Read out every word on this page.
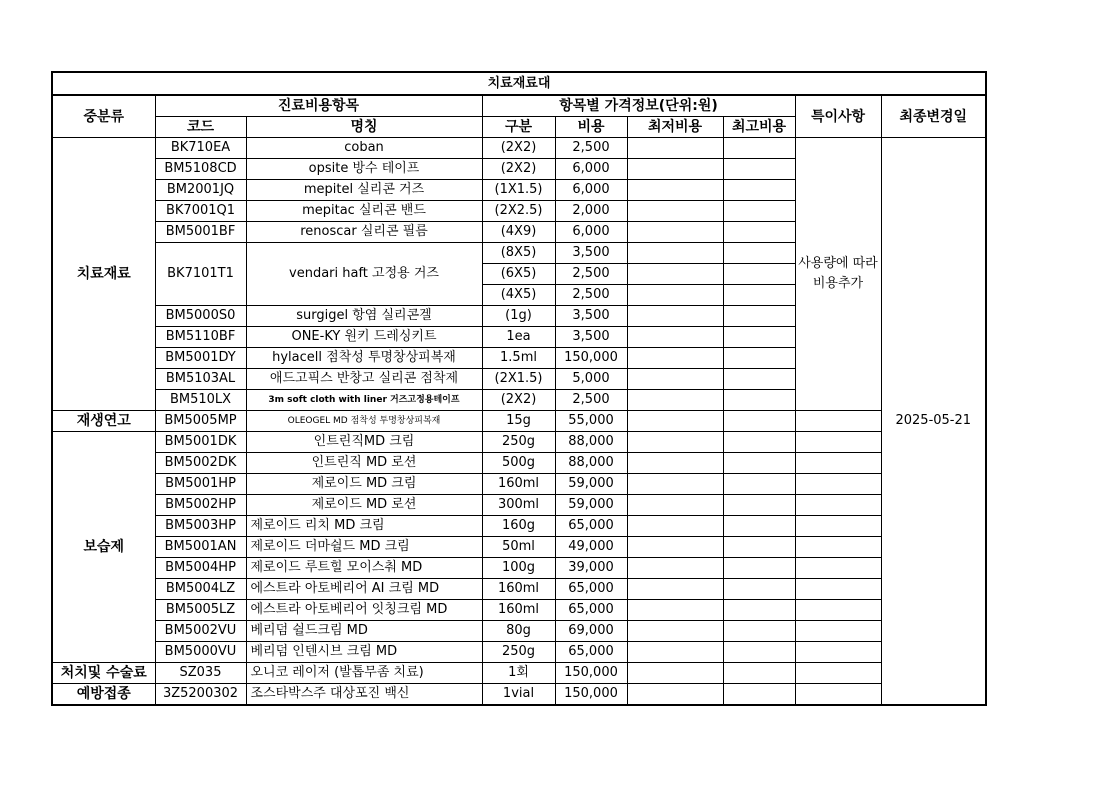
치료재료대								
중분류	진료비용항목		항목별 가격정보(단위:원)				특이사항	최종변경일
	코드	명칭	구분	비용	최저비용	최고비용		
치료재료	BK710EA	coban	(2X2)	2,500			사용량에 따라 비용추가	2025-05-21
	BM5108CD	opsite 방수 테이프	(2X2)	6,000				
	BM2001JQ	mepitel 실리콘 거즈	(1X1.5)	6,000				
	BK7001Q1	mepitac 실리콘 밴드	(2X2.5)	2,000				
	BM5001BF	renoscar 실리콘 필름	(4X9)	6,000				
	BK7101T1	vendari haft 고정용 거즈	(8X5)	3,500				
			(6X5)	2,500				
			(4X5)	2,500				
	BM5000S0	surgigel 항염 실리콘겔	(1g)	3,500				
	BM5110BF	ONE-KY 원키 드레싱키트	1ea	3,500				
	BM5001DY	hylacell 점착성 투명창상피복재	1.5ml	150,000				
	BM5103AL	애드고픽스 반창고 실리콘 점착제	(2X1.5)	5,000				
	BM510LX	3m soft cloth with liner 거즈고정용테이프	(2X2)	2,500				
재생연고	BM5005MP	OLEOGEL MD 점착성 투명창상피복재	15g	55,000				
보습제	BM5001DK	인트린직MD 크림	250g	88,000				
	BM5002DK	인트린직 MD 로션	500g	88,000				
	BM5001HP	제로이드 MD 크림	160ml	59,000				
	BM5002HP	제로이드 MD 로션	300ml	59,000				
	BM5003HP	제로이드 리치 MD 크림	160g	65,000				
	BM5001AN	제로이드 더마쉴드 MD 크림	50ml	49,000				
	BM5004HP	제로이드 루트힐 모이스춰 MD	100g	39,000				
	BM5004LZ	에스트라 아토베리어 AI 크림 MD	160ml	65,000				
	BM5005LZ	에스트라 아토베리어 잇칭크림 MD	160ml	65,000				
	BM5002VU	베리덤 쉴드크림 MD	80g	69,000				
	BM5000VU	베리덤 인텐시브 크림 MD	250g	65,000				
처치및 수술료	SZ035	오니코 레이저 (발톱무좀 치료)	1회	150,000				
예방접종	3Z5200302	조스타박스주 대상포진 백신	1vial	150,000				
